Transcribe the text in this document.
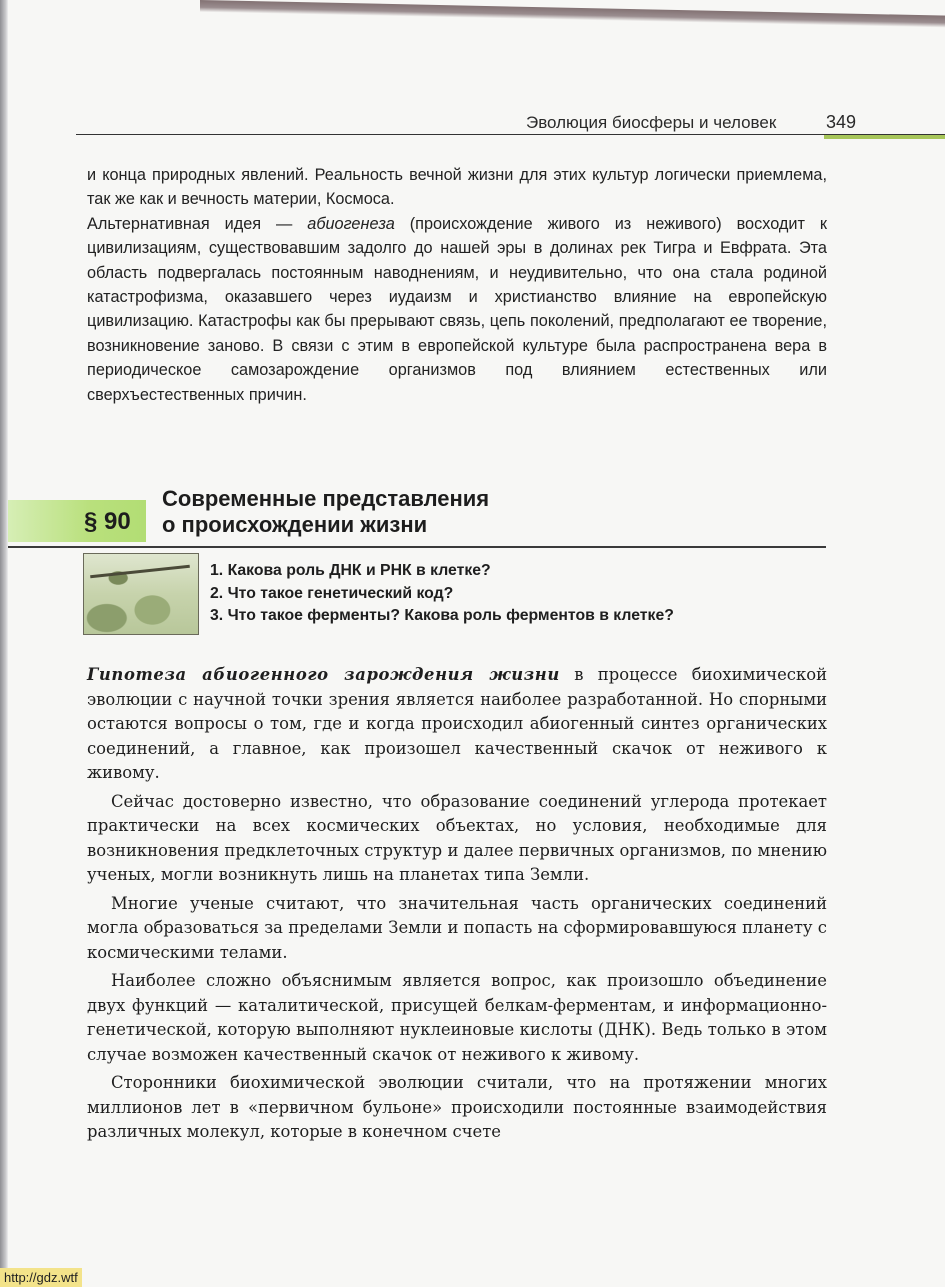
Эволюция биосферы и человек	349

и конца природных явлений. Реальность вечной жизни для этих культур логически приемлема, так же как и вечность материи, Космоса.

Альтернативная идея — абиогенеза (происхождение живого из неживого) восходит к цивилизациям, существовавшим задолго до нашей эры в долинах рек Тигра и Евфрата. Эта область подвергалась постоянным наводнениям, и неудивительно, что она стала родиной катастрофизма, оказавшего через иудаизм и христианство влияние на европейскую цивилизацию. Катастрофы как бы прерывают связь, цепь поколений, предполагают ее творение, возникновение заново. В связи с этим в европейской культуре была распространена вера в периодическое самозарождение организмов под влиянием естественных или сверхъестественных причин.

§ 90
Современные представления
о происхождении жизни
1. Какова роль ДНК и РНК в клетке?
2. Что такое генетический код?
3. Что такое ферменты? Какова роль ферментов в клетке?

Гипотеза абиогенного зарождения жизни в процессе биохимической эволюции с научной точки зрения является наиболее разработанной. Но спорными остаются вопросы о том, где и когда происходил абиогенный синтез органических соединений, а главное, как произошел качественный скачок от неживого к живому.

Сейчас достоверно известно, что образование соединений углерода протекает практически на всех космических объектах, но условия, необходимые для возникновения предклеточных структур и далее первичных организмов, по мнению ученых, могли возникнуть лишь на планетах типа Земли.

Многие ученые считают, что значительная часть органических соединений могла образоваться за пределами Земли и попасть на сформировавшуюся планету с космическими телами.

Наиболее сложно объяснимым является вопрос, как произошло объединение двух функций — каталитической, присущей белкам-ферментам, и информационно-генетической, которую выполняют нуклеиновые кислоты (ДНК). Ведь только в этом случае возможен качественный скачок от неживого к живому.

Сторонники биохимической эволюции считали, что на протяжении многих миллионов лет в «первичном бульоне» происходили постоянные взаимодействия различных молекул, которые в конечном счете

http://gdz.wtf
